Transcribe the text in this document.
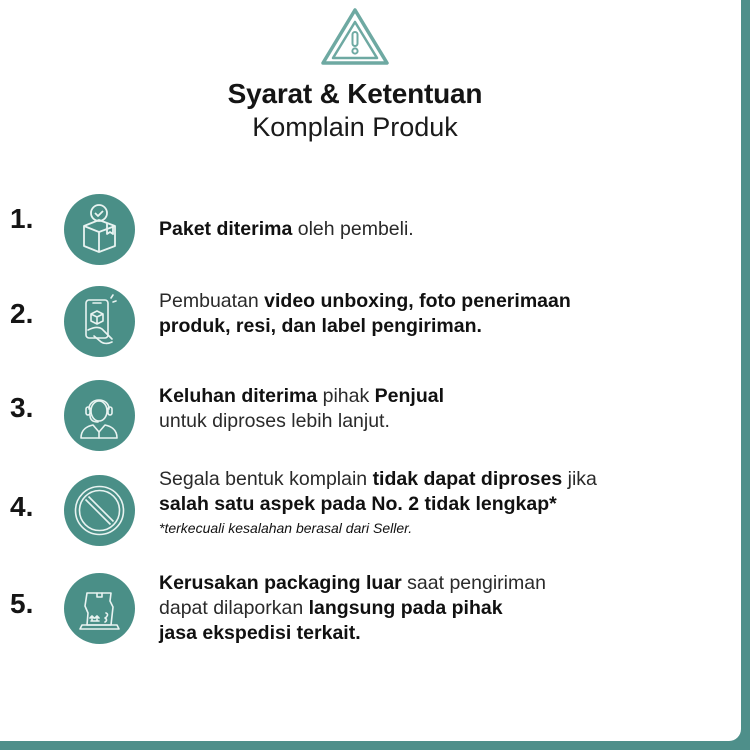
Syarat & Ketentuan
Komplain Produk
1.	Paket diterima oleh pembeli.
2.	Pembuatan video unboxing, foto penerimaan
produk, resi, dan label pengiriman.
3.	Keluhan diterima pihak Penjual
untuk diproses lebih lanjut.
4.
Segala bentuk komplain tidak dapat diproses jika
salah satu aspek pada No. 2 tidak lengkap*
*terkecuali kesalahan berasal dari Seller.
5.
Kerusakan packaging luar saat pengiriman
dapat dilaporkan langsung pada pihak
jasa ekspedisi terkait.
